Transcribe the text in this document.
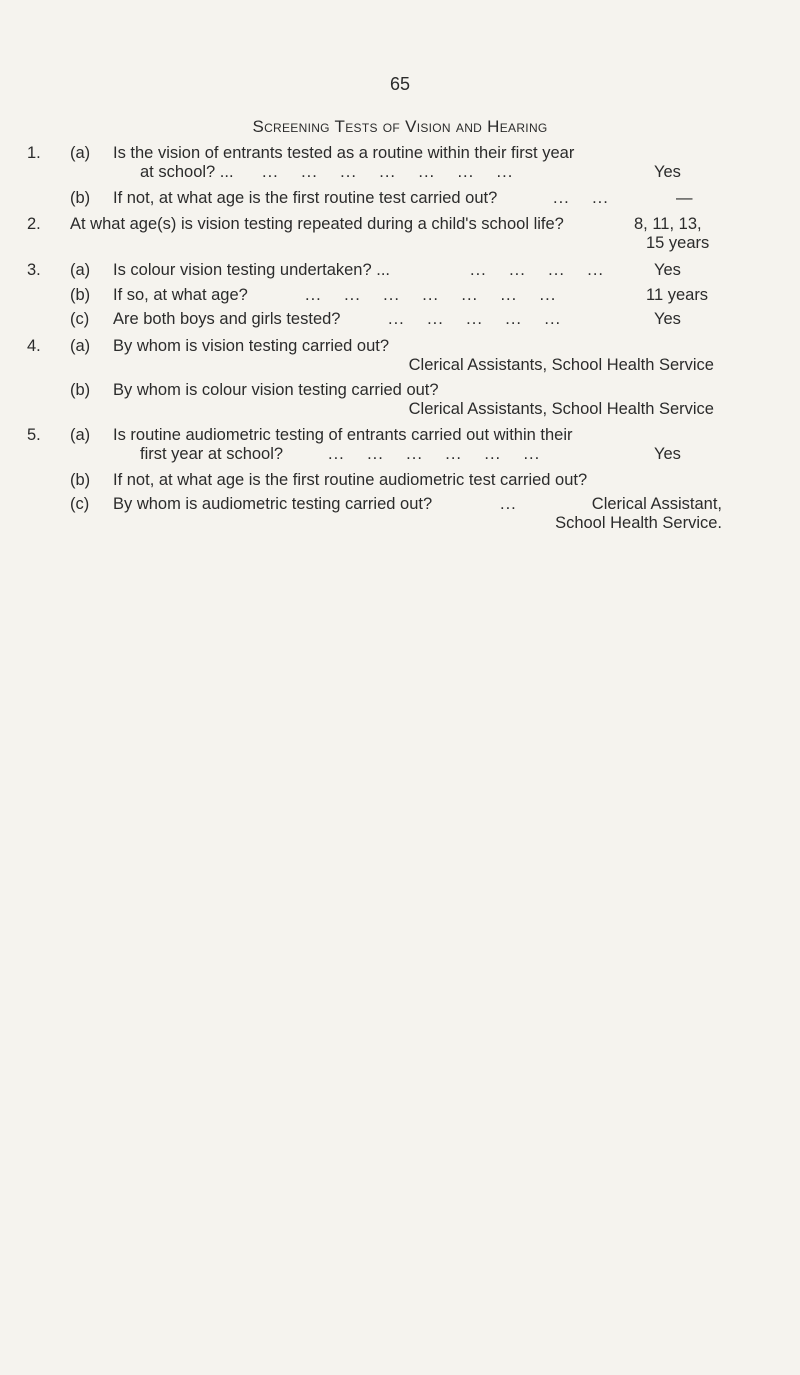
65
Screening Tests of Vision and Hearing
1. (a) Is the vision of entrants tested as a routine within their first year
at school? ... ...    ...    ...    ...    ...    ...    ...	Yes
(b) If not, at what age is the first routine test carried out?	...    ...	—
2. At what age(s) is vision testing repeated during a child's school life?	8, 11, 13,
15 years
3. (a) Is colour vision testing undertaken? ...	...    ...    ...    ...	Yes
(b) If so, at what age?	...    ...    ...    ...    ...    ...    ...	11 years
(c) Are both boys and girls tested?	...    ...    ...    ...    ...	Yes
4. (a) By whom is vision testing carried out?
Clerical Assistants, School Health Service
(b) By whom is colour vision testing carried out?
Clerical Assistants, School Health Service
5. (a) Is routine audiometric testing of entrants carried out within their
first year at school?	...    ...    ...    ...    ...    ...	Yes
(b) If not, at what age is the first routine audiometric test carried out?
(c) By whom is audiometric testing carried out?	...	Clerical Assistant,
School Health Service.
